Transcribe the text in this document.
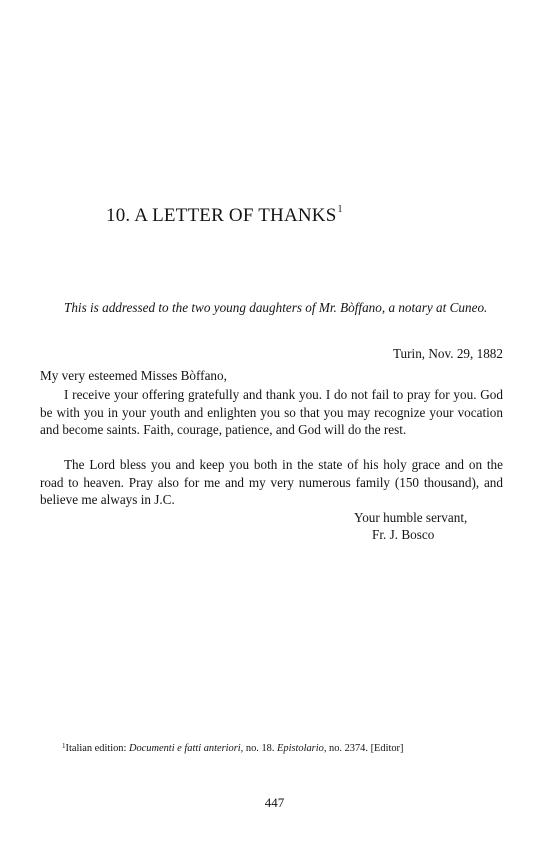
10. A LETTER OF THANKS$^1$
This is addressed to the two young daughters of Mr. Bòffano, a notary at Cuneo.
Turin, Nov. 29, 1882
My very esteemed Misses Bòffano,
I receive your offering gratefully and thank you. I do not fail to pray for you. God be with you in your youth and enlighten you so that you may recognize your vocation and become saints. Faith, courage, patience, and God will do the rest.
The Lord bless you and keep you both in the state of his holy grace and on the road to heaven. Pray also for me and my very numerous family (150 thousand), and believe me always in J.C.
Your humble servant,
Fr. J. Bosco
$^1$Italian edition: Documenti e fatti anteriori, no. 18. Epistolario, no. 2374. [Editor]
447
